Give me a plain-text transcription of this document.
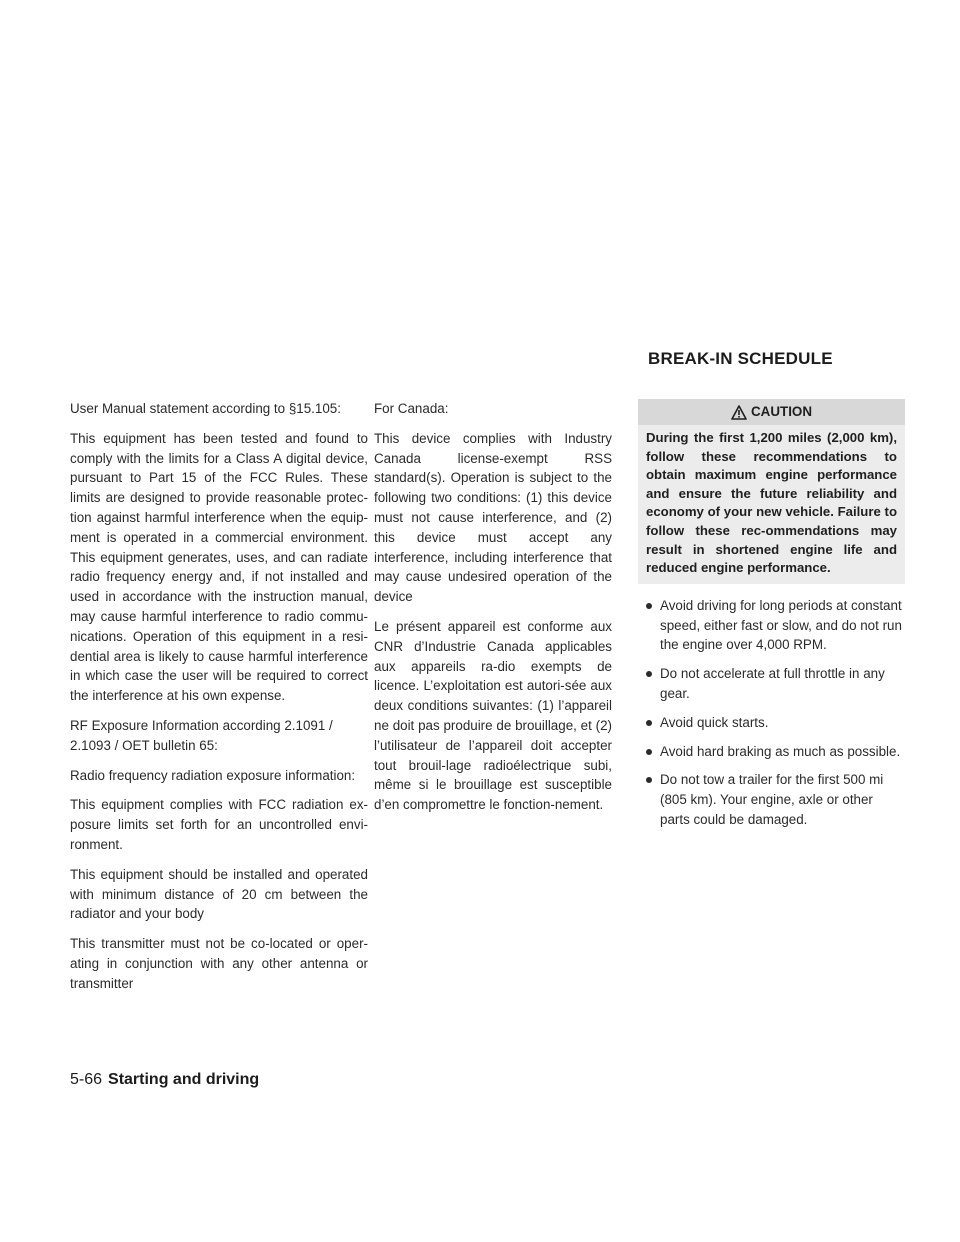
User Manual statement according to §15.105:

This equipment has been tested and found to comply with the limits for a Class A digital device, pursuant to Part 15 of the FCC Rules. These limits are designed to provide reasonable protec-tion against harmful interference when the equip-ment is operated in a commercial environment. This equipment generates, uses, and can radiate radio frequency energy and, if not installed and used in accordance with the instruction manual, may cause harmful interference to radio commu-nications. Operation of this equipment in a resi-dential area is likely to cause harmful interference in which case the user will be required to correct the interference at his own expense.

RF Exposure Information according 2.1091 / 2.1093 / OET bulletin 65:

Radio frequency radiation exposure information:

This equipment complies with FCC radiation ex-posure limits set forth for an uncontrolled envi-ronment.

This equipment should be installed and operated with minimum distance of 20 cm between the radiator and your body

This transmitter must not be co-located or oper-ating in conjunction with any other antenna or transmitter

For Canada:

This device complies with Industry Canada license-exempt RSS standard(s). Operation is subject to the following two conditions: (1) this device must not cause interference, and (2) this device must accept any interference, including interference that may cause undesired operation of the device

Le présent appareil est conforme aux CNR d’Industrie Canada applicables aux appareils ra-dio exempts de licence. L’exploitation est autori-sée aux deux conditions suivantes: (1) l’appareil ne doit pas produire de brouillage, et (2) l’utilisateur de l’appareil doit accepter tout brouil-lage radioélectrique subi, même si le brouillage est susceptible d’en compromettre le fonction-nement.

BREAK-IN SCHEDULE
CAUTION
During the first 1,200 miles (2,000 km), follow these recommendations to obtain maximum engine performance and ensure the future reliability and economy of your new vehicle. Failure to follow these rec-ommendations may result in shortened engine life and reduced engine performance.
Avoid driving for long periods at constant speed, either fast or slow, and do not run the engine over 4,000 RPM.
Do not accelerate at full throttle in any gear.
Avoid quick starts.
Avoid hard braking as much as possible.
Do not tow a trailer for the first 500 mi (805 km). Your engine, axle or other parts could be damaged.
5-66 Starting and driving
